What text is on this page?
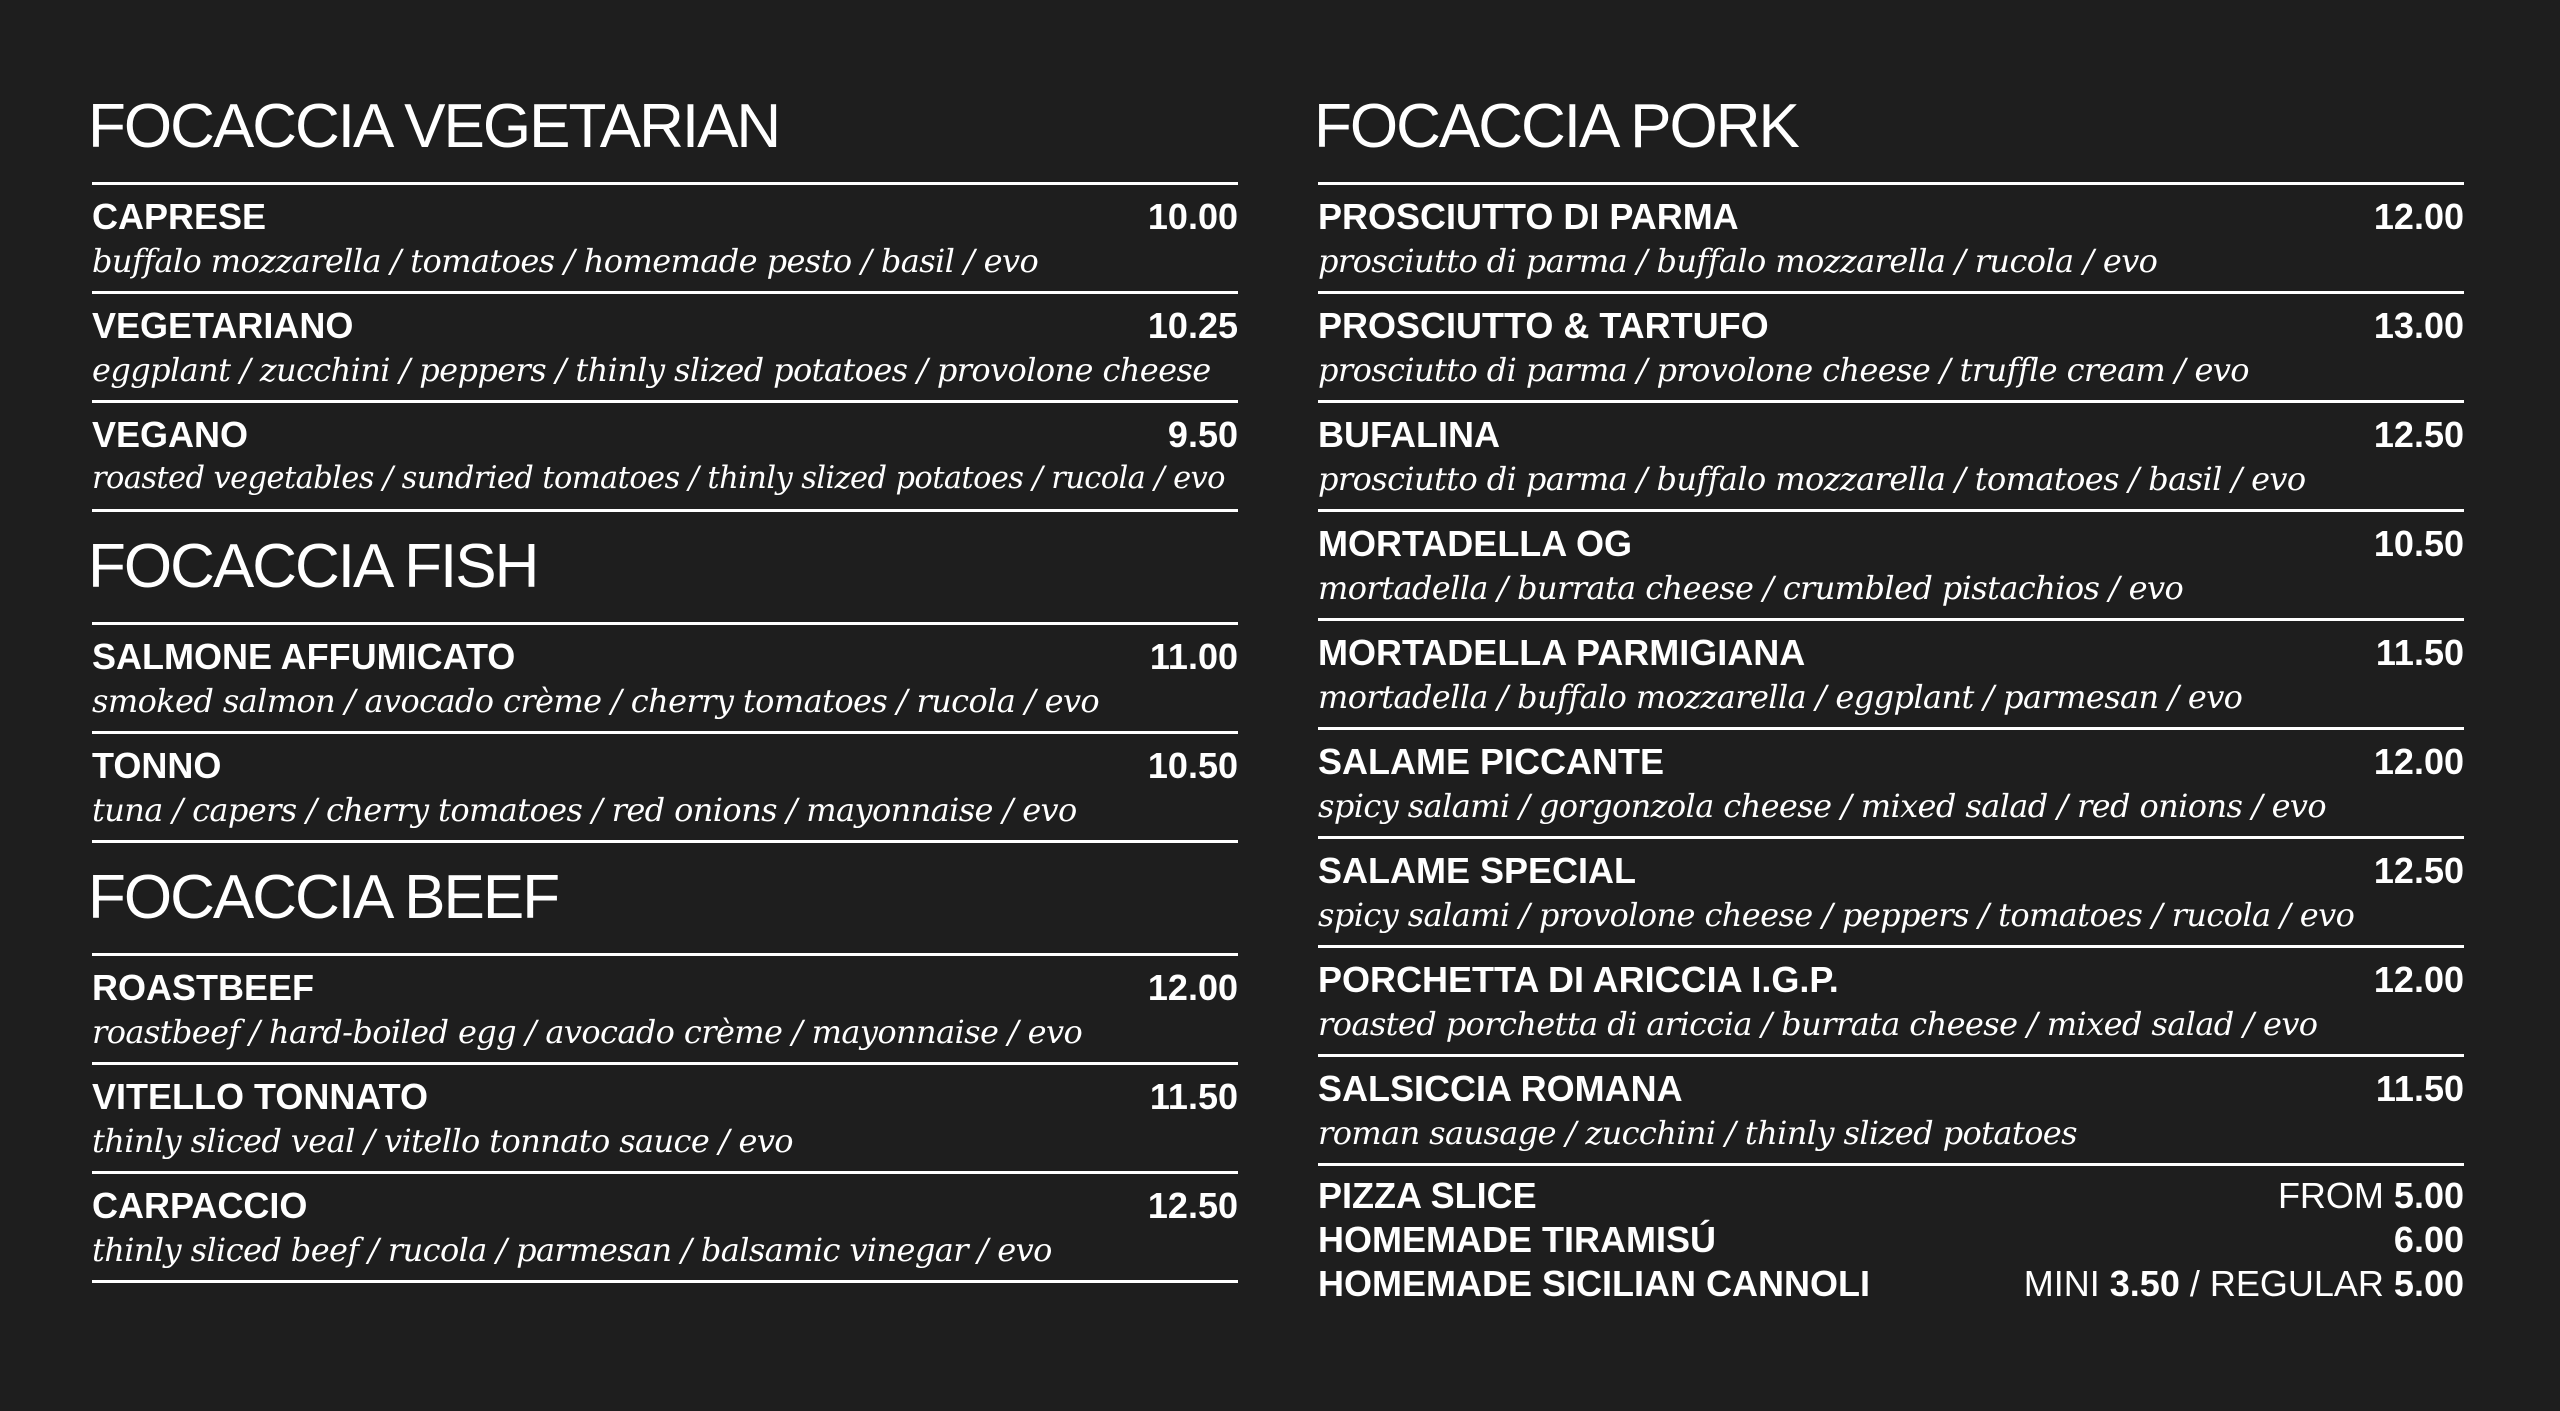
FOCACCIA VEGETARIAN
CAPRESE	10.00
buffalo mozzarella / tomatoes / homemade pesto / basil / evo
VEGETARIANO	10.25
eggplant / zucchini / peppers / thinly slized potatoes / provolone cheese
VEGANO	9.50
roasted vegetables / sundried tomatoes / thinly slized potatoes / rucola / evo
FOCACCIA FISH
SALMONE AFFUMICATO	11.00
smoked salmon / avocado crème / cherry tomatoes / rucola / evo
TONNO	10.50
tuna / capers / cherry tomatoes / red onions / mayonnaise / evo
FOCACCIA BEEF
ROASTBEEF	12.00
roastbeef / hard-boiled egg / avocado crème / mayonnaise / evo
VITELLO TONNATO	11.50
thinly sliced veal / vitello tonnato sauce / evo
CARPACCIO	12.50
thinly sliced beef / rucola / parmesan / balsamic vinegar / evo
FOCACCIA PORK
PROSCIUTTO DI PARMA	12.00
prosciutto di parma / buffalo mozzarella / rucola / evo
PROSCIUTTO & TARTUFO	13.00
prosciutto di parma / provolone cheese / truffle cream / evo
BUFALINA	12.50
prosciutto di parma / buffalo mozzarella / tomatoes / basil / evo
MORTADELLA OG	10.50
mortadella / burrata cheese / crumbled pistachios / evo
MORTADELLA PARMIGIANA	11.50
mortadella / buffalo mozzarella / eggplant / parmesan / evo
SALAME PICCANTE	12.00
spicy salami / gorgonzola cheese / mixed salad / red onions / evo
SALAME SPECIAL	12.50
spicy salami / provolone cheese / peppers / tomatoes / rucola / evo
PORCHETTA DI ARICCIA I.G.P.	12.00
roasted porchetta di ariccia / burrata cheese / mixed salad / evo
SALSICCIA ROMANA	11.50
roman sausage / zucchini / thinly slized potatoes
PIZZA SLICE	FROM 5.00
HOMEMADE TIRAMISÚ	6.00
HOMEMADE SICILIAN CANNOLI	MINI 3.50 / REGULAR 5.00
